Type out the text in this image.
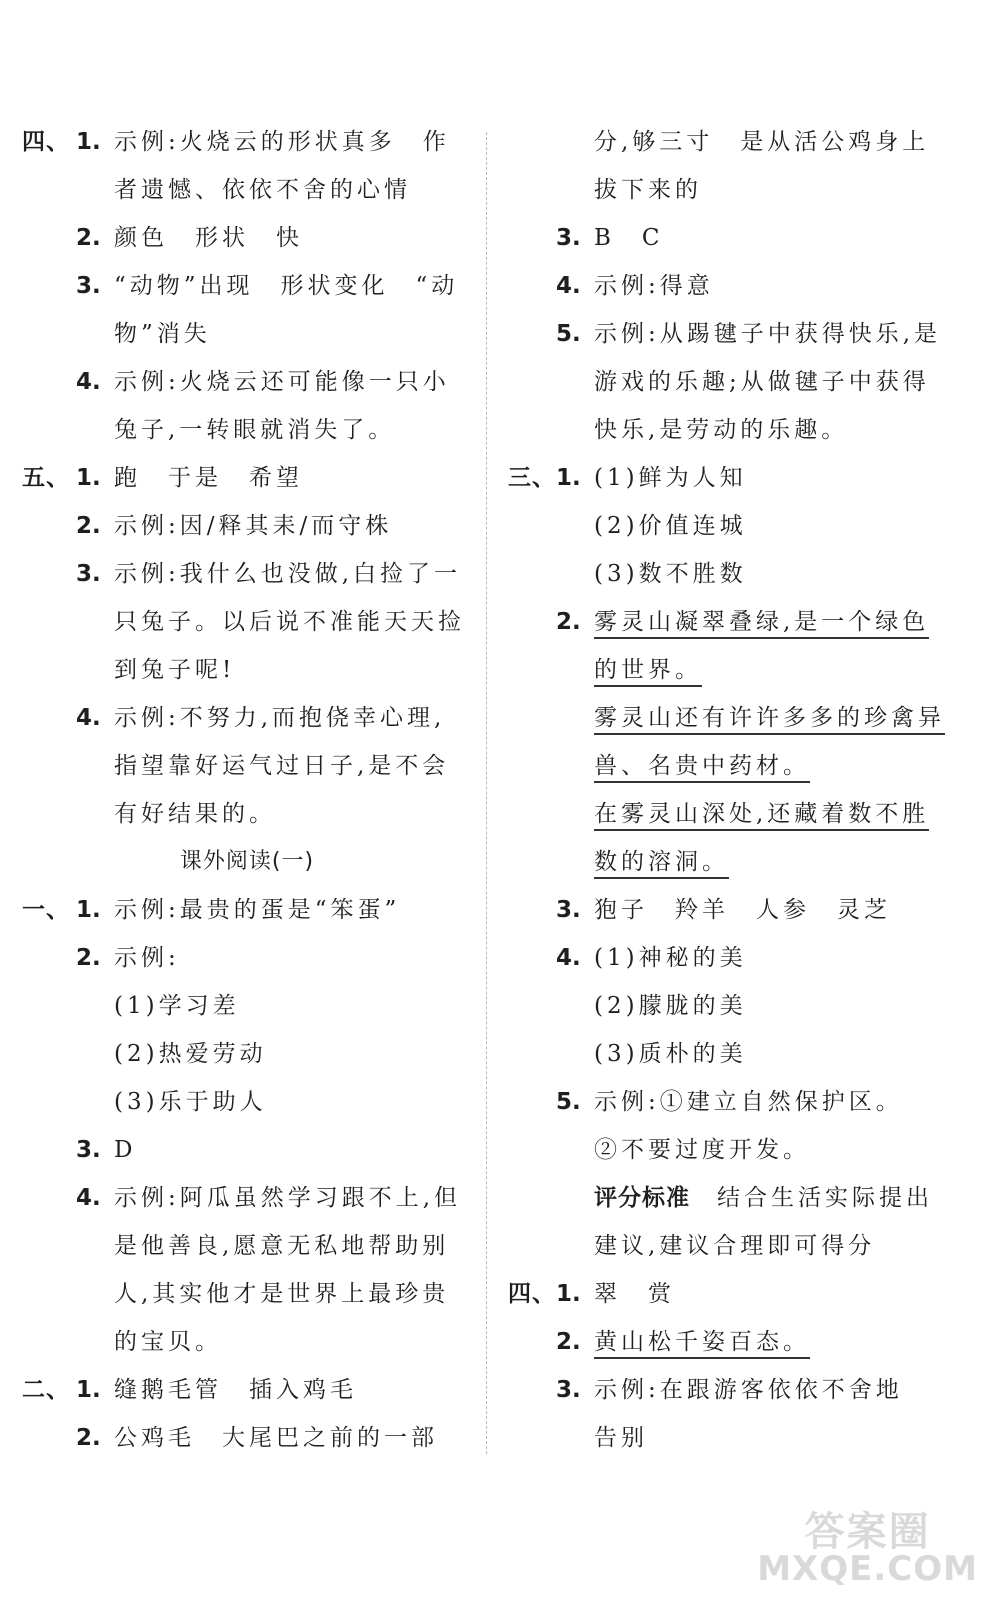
四、 1. 示例:火烧云的形状真多　作
者遗憾、依依不舍的心情
2. 颜色　形状　快
3. “动物”出现　形状变化　“动
物”消失
4. 示例:火烧云还可能像一只小
兔子,一转眼就消失了。
五、 1. 跑　于是　希望
2. 示例:因/释其耒/而守株
3. 示例:我什么也没做,白捡了一
只兔子。以后说不准能天天捡
到兔子呢!
4. 示例:不努力,而抱侥幸心理,
指望靠好运气过日子,是不会
有好结果的。
课外阅读(一)
一、 1. 示例:最贵的蛋是“笨蛋”
2. 示例:
(1)学习差
(2)热爱劳动
(3)乐于助人
3. D
4. 示例:阿瓜虽然学习跟不上,但
是他善良,愿意无私地帮助别
人,其实他才是世界上最珍贵
的宝贝。
二、 1. 缝鹅毛管　插入鸡毛
2. 公鸡毛　大尾巴之前的一部
分,够三寸　是从活公鸡身上
拔下来的
3. B　C
4. 示例:得意
5. 示例:从踢毽子中获得快乐,是
游戏的乐趣;从做毽子中获得
快乐,是劳动的乐趣。
三、 1. (1)鲜为人知
(2)价值连城
(3)数不胜数
2. 雾灵山凝翠叠绿,是一个绿色
的世界。
雾灵山还有许许多多的珍禽异
兽、名贵中药材。
在雾灵山深处,还藏着数不胜
数的溶洞。
3. 狍子　羚羊　人参　灵芝
4. (1)神秘的美
(2)朦胧的美
(3)质朴的美
5. 示例:①建立自然保护区。
②不要过度开发。
评分标准　结合生活实际提出
建议,建议合理即可得分
四、 1. 翠　赏
2. 黄山松千姿百态。
3. 示例:在跟游客依依不舍地
告别
答案圈
MXQE.COM
